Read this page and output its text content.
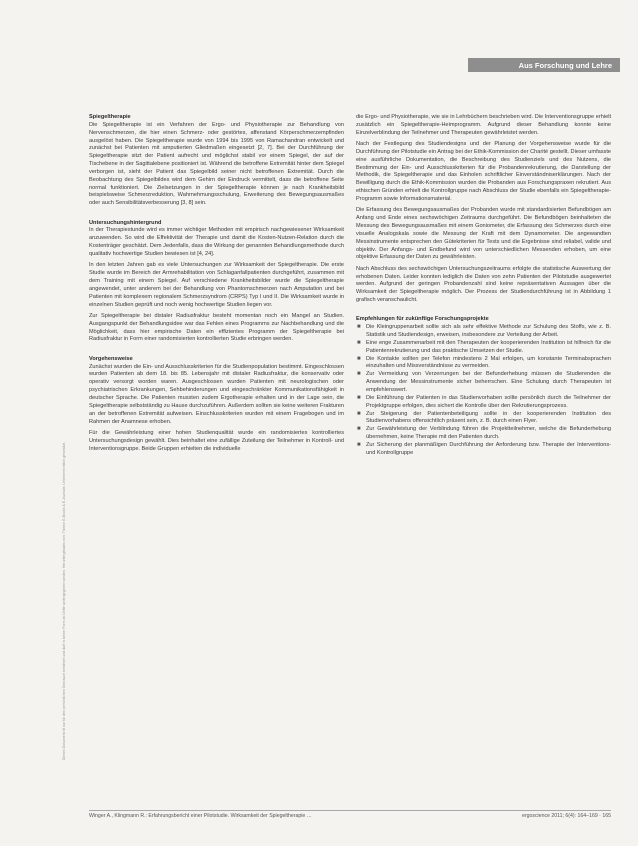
Aus Forschung und Lehre
Dieses Dokument ist nur für den persönlichen Gebrauch bestimmt und darf in keiner Form an Dritte weitergegeben werden. Heruntergeladen von: Thieme E-Books & E-Journals. Urheberrechtlich geschützt.

Spiegeltherapie

Die Spiegeltherapie ist ein Verfahren der Ergo- und Physiotherapie zur Behandlung von Nervenschmerzen, die hier einen Schmerz- oder gestörtes, affenstand Körperschmerzempfinden ausgelöst haben. Die Spiegeltherapie wurde von 1994 bis 1995 von Ramachandran entwickelt und zunächst bei Patienten mit amputierten Gliedmaßen eingesetzt [2, 7]. Bei der Durchführung der Spiegeltherapie sitzt der Patient aufrecht und möglichst stabil vor einem Spiegel, der auf der Tischebene in der Sagittalebene positioniert ist. Während die betroffene Extremität hinter dem Spiegel verborgen ist, sieht der Patient das Spiegelbild seiner nicht betroffenen Extremität. Durch die Beobachtung des Spiegelbildes wird dem Gehirn der Eindruck vermittelt, dass die betroffene Seite normal funktioniert. Die Zielsetzungen in der Spiegeltherapie können je nach Krankheitsbild beispielsweise Schmerzreduktion, Wahrnehmungsschulung, Erweiterung des Bewegungsausmaßes oder auch Sensibilitätsverbesserung [3, 8] sein.

Untersuchungshintergrund

In der Therapiestunde wird es immer wichtiger Methoden mit empirisch nachgewiesener Wirksamkeit anzuwenden. So wird die Effektivität der Therapie und damit die Kosten-Nutzen-Relation durch die Kostenträger geschätzt. Dem Jedenfalls, dass die Wirkung der genannten Behandlungsmethode durch qualitativ hochwertige Studien bewiesen ist [4, 24].

In den letzten Jahren gab es viele Untersuchungen zur Wirksamkeit der Spiegeltherapie. Die erste Studie wurde im Bereich der Armrehabilitation von Schlaganfallpatienten durchgeführt, zusammen mit dem Training mit einem Spiegel. Auf verschiedene Krankheitsbilder wurde die Spiegeltherapie angewendet, unter anderem bei der Behandlung von Phantomschmerzen nach Amputation und bei Patienten mit komplexem regionalem Schmerzsyndrom (CRPS) Typ I und II. Die Wirksamkeit wurde in einzelnen Studien geprüft und noch wenig hochwertige Studien liegen vor.

Zur Spiegeltherapie bei distaler Radiusfraktur besteht momentan noch ein Mangel an Studien. Ausgangspunkt der Behandlungsidee war das Fehlen eines Programms zur Nachbehandlung und die Möglichkeit, dass hier empirische Daten ein effizientes Programm der Spiegeltherapie bei Radiusfraktur in Form einer randomisierten kontrollierten Studie erbringen werden.

Vorgehensweise

Zunächst wurden die Ein- und Ausschlusskriterien für die Studienpopulation bestimmt. Eingeschlossen wurden Patienten ab dem 18. bis 85. Lebensjahr mit distaler Radiusfraktur, die konservativ oder operativ versorgt worden waren. Ausgeschlossen wurden Patienten mit neurologischen oder psychiatrischen Erkrankungen, Sehbehinderungen und eingeschränkter Kommunikationsfähigkeit in deutscher Sprache. Die Patienten mussten zudem Ergotherapie erhalten und in der Lage sein, die Spiegeltherapie selbstständig zu Hause durchzuführen. Außerdem sollten sie keine weiteren Frakturen an der betroffenen Extremität aufweisen. Einschlusskriterien wurden mit einem Fragebogen und im Rahmen der Anamnese erhoben.

Für die Gewährleistung einer hohen Studienqualität wurde ein randomisiertes kontrolliertes Untersuchungsdesign gewählt. Dies beinhaltet eine zufällige Zuteilung der Teilnehmer in Kontroll- und Interventionsgruppe. Beide Gruppen erhielten die individuelle

die Ergo- und Physiotherapie, wie sie in Lehrbüchern beschrieben wird. Die Interventionsgruppe erhielt zusätzlich ein Spiegeltherapie-Heimprogramm. Aufgrund dieser Behandlung konnte keine Einzelverblindung der Teilnehmer und Therapeuten gewährleistet werden.

Nach der Festlegung des Studiendesigns und der Planung der Vorgehensweise wurde für die Durchführung der Pilotstudie ein Antrag bei der Ethik-Kommission der Charité gestellt. Dieser umfasste eine ausführliche Dokumentation, die Beschreibung des Studienziels und des Nutzens, die Bestimmung der Ein- und Ausschlusskriterien für die Probandenrekrutierung, die Darstellung der Methodik, die Spiegeltherapie und das Einholen schriftlicher Einverständniserklärungen. Nach der Bewilligung durch die Ethik-Kommission wurden die Probanden aus Forschungspraxen rekrutiert. Aus ethischen Gründen erhielt die Kontrollgruppe nach Abschluss der Studie ebenfalls ein Spiegeltherapie-Programm sowie Informationsmaterial.

Die Erfassung des Bewegungsausmaßes der Probanden wurde mit standardisierten Befundbögen am Anfang und Ende eines sechswöchigen Zeitraums durchgeführt. Die Befundbögen beinhalteten die Messung des Bewegungsausmaßes mit einem Goniometer, die Erfassung des Schmerzes durch eine visuelle Analogskala sowie die Messung der Kraft mit dem Dynamometer. Die angewandten Messinstrumente entsprechen den Gütekriterien für Tests und die Ergebnisse sind reliabel, valide und objektiv. Der Anfangs- und Endbefund wird von unterschiedlichen Messenden erhoben, um eine objektive Erfassung der Daten zu gewährleisten.

Nach Abschluss des sechswöchigen Untersuchungszeitraums erfolgte die statistische Auswertung der erhobenen Daten. Leider konnten lediglich die Daten von zehn Patienten der Pilotstudie ausgewertet werden. Aufgrund der geringen Probandenzahl sind keine repräsentativen Aussagen über die Wirksamkeit der Spiegeltherapie möglich. Der Prozess der Studiendurchführung ist in Abbildung 1 grafisch veranschaulicht.

Empfehlungen für zukünftige Forschungsprojekte

■ Die Kleingruppenarbeit sollte sich als sehr effektive Methode zur Schulung des Stoffs, wie z. B. Statistik und Studiendesign, erweisen, insbesondere zur Verteilung der Arbeit.
■ Eine enge Zusammenarbeit mit den Therapeuten der kooperierenden Institution ist hilfreich für die Patientenrekrutierung und das praktische Umsetzen der Studie.
■ Die Kontakte sollten per Telefon mindestens 2 Mal erfolgen, um konstante Terminabsprachen einzuhalten und Missverständnisse zu vermeiden.
■ Zur Vermeidung von Verzerrungen bei der Befunderhebung müssen die Studierenden die Anwendung der Messinstrumente sicher beherrschen. Eine Schulung durch Therapeuten ist empfehlenswert.
■ Die Einführung der Patienten in das Studienvorhaben sollte persönlich durch die Teilnehmer der Projektgruppe erfolgen, dies sichert die Kontrolle über den Rekrutierungsprozess.
■ Zur Steigerung der Patientenbeteiligung sollte in der kooperierenden Institution des Studienvorhabens offensichtlich präsent sein, z. B. durch einen Flyer.
■ Zur Gewährleistung der Verblindung führen die Projektteilnehmer, welche die Befunderhebung übernehmen, keine Therapie mit den Patienten durch.
■ Zur Sicherung der planmäßigen Durchführung der Anforderung bzw. Therapie der Interventions- und Kontrollgruppe
Winger A., Klingmann R.: Erfahrungsbericht einer Pilotstudie. Wirksamkeit der Spiegeltherapie …	ergoscience 2011; 6(4): 164–169 · 165
